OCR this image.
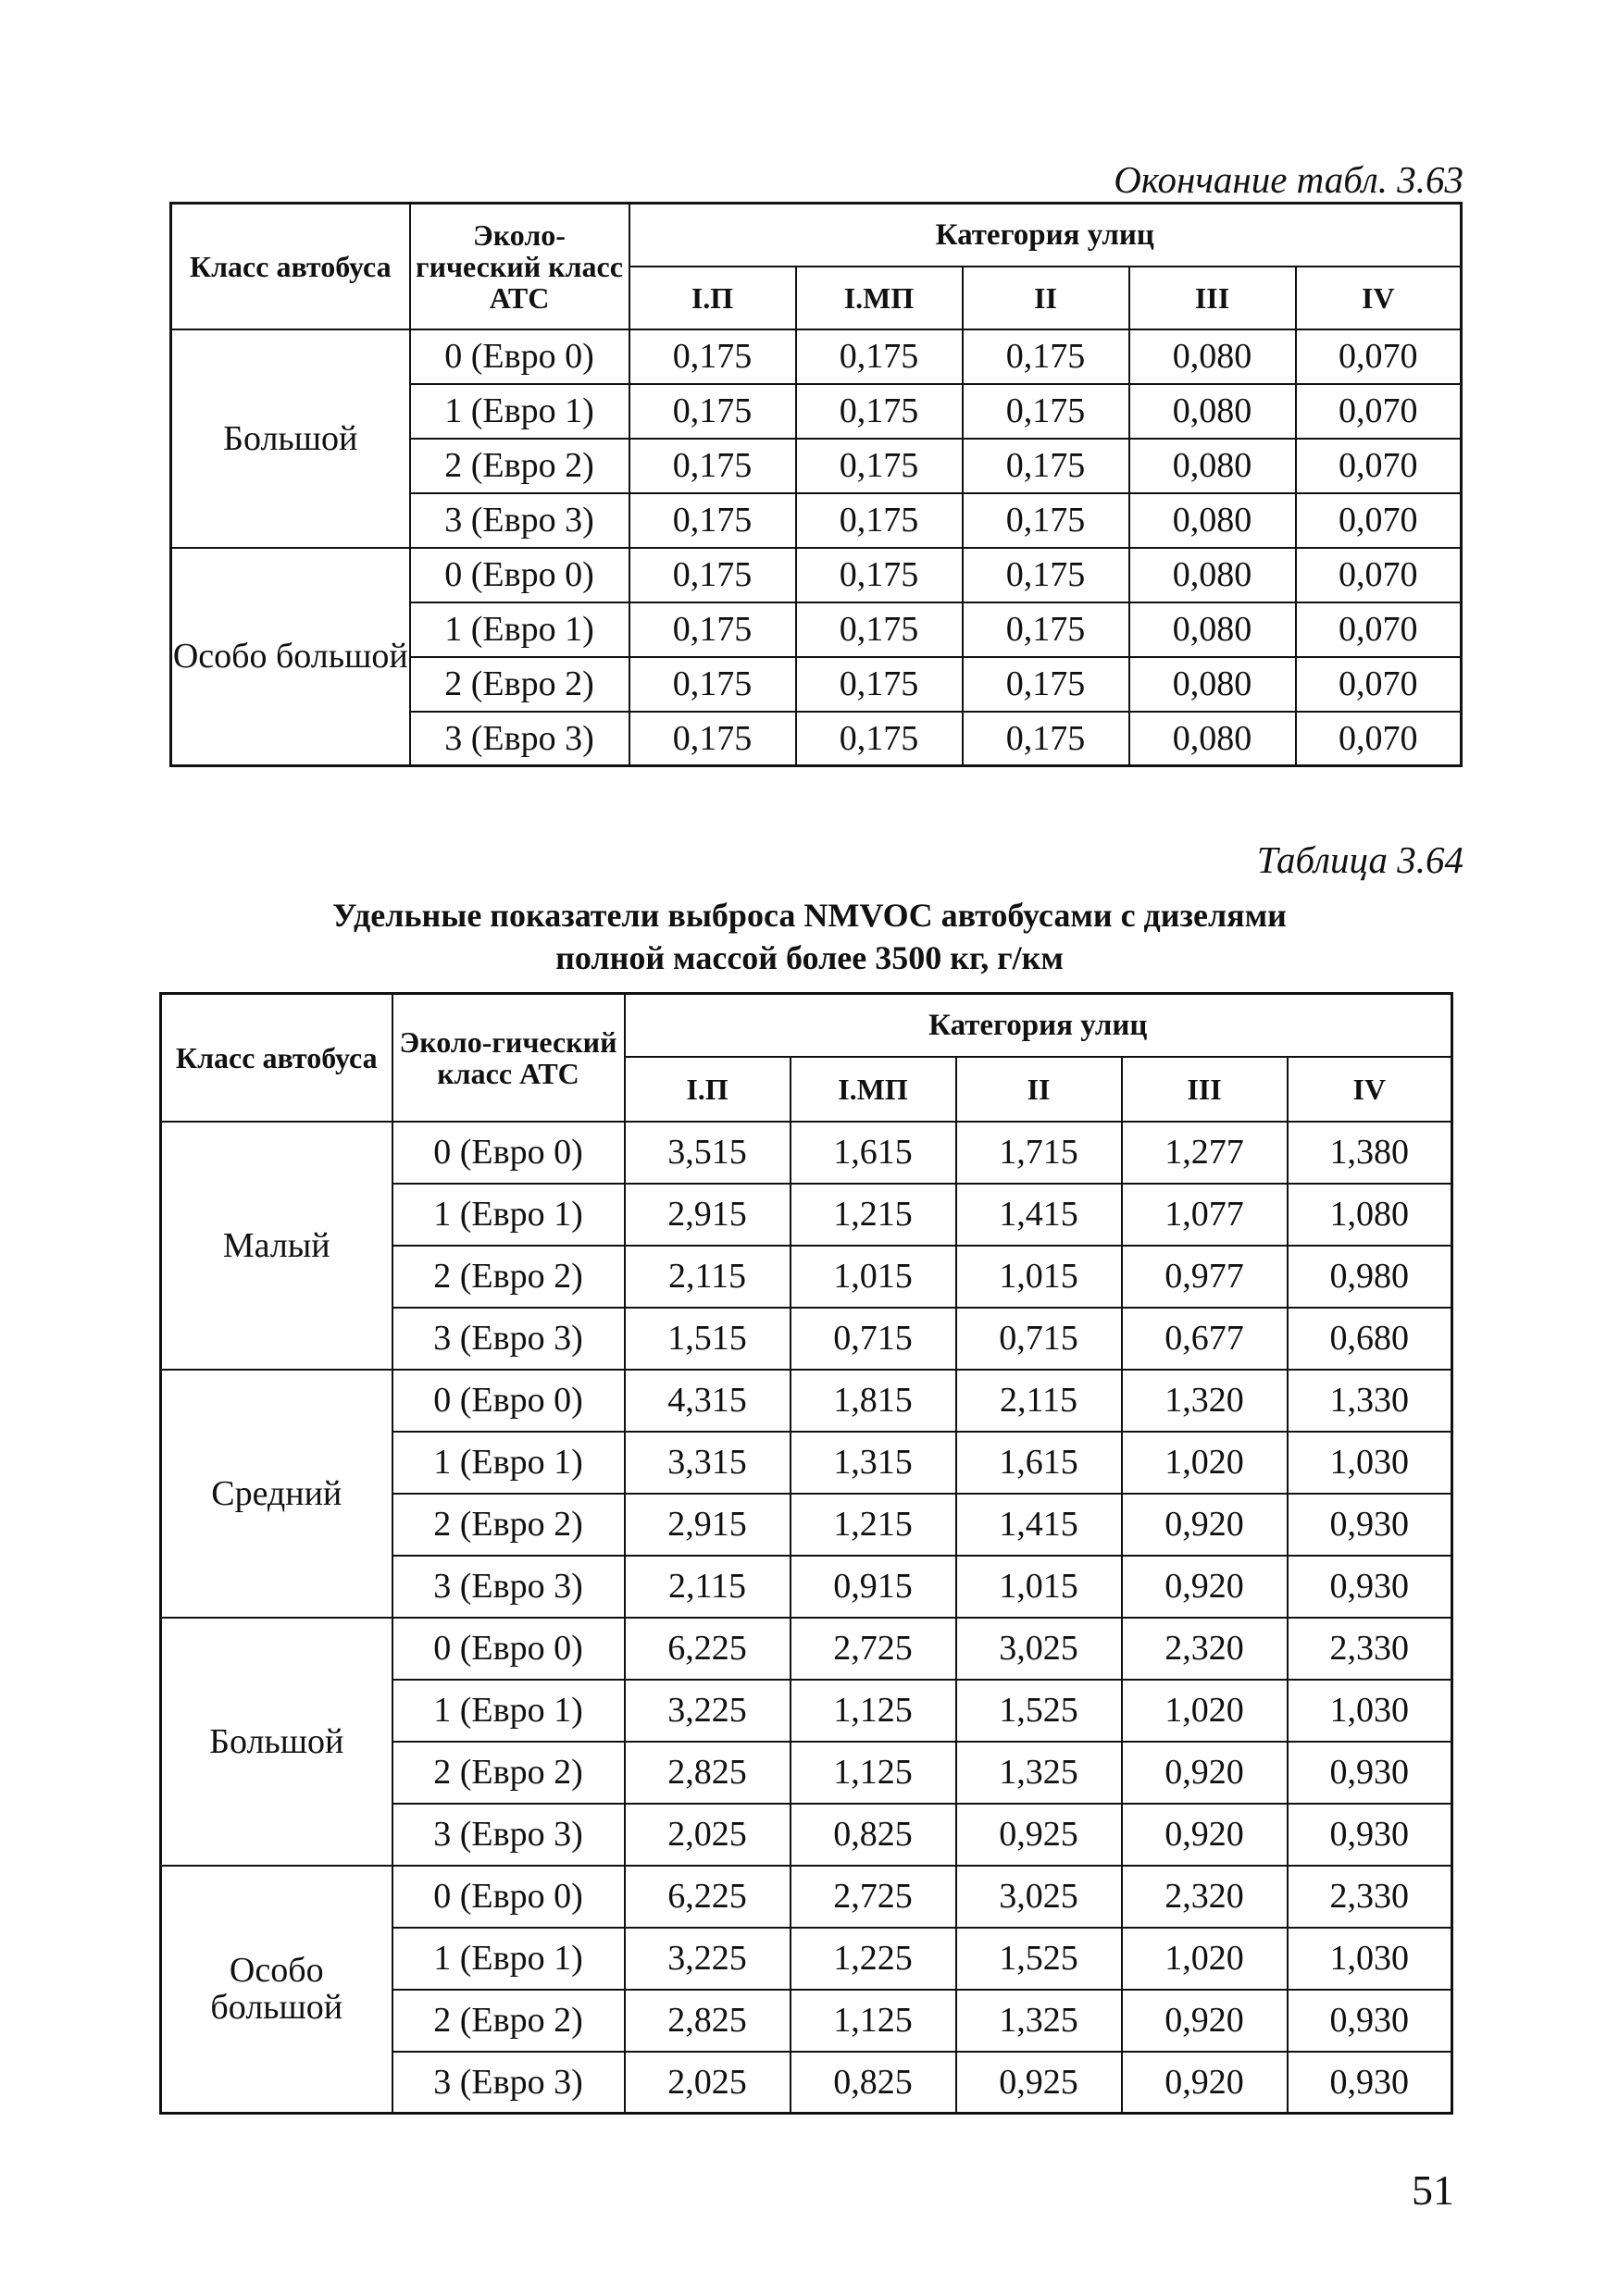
Окончание табл. 3.63
Класс автобуса	Эколо-гический класс АТС	Категория улиц				
		I.П	I.МП	II	III	IV
Большой	0 (Евро 0)	0,175	0,175	0,175	0,080	0,070
	1 (Евро 1)	0,175	0,175	0,175	0,080	0,070
	2 (Евро 2)	0,175	0,175	0,175	0,080	0,070
	3 (Евро 3)	0,175	0,175	0,175	0,080	0,070
Особо большой	0 (Евро 0)	0,175	0,175	0,175	0,080	0,070
	1 (Евро 1)	0,175	0,175	0,175	0,080	0,070
	2 (Евро 2)	0,175	0,175	0,175	0,080	0,070
	3 (Евро 3)	0,175	0,175	0,175	0,080	0,070
Таблица 3.64
Удельные показатели выброса NMVOC автобусами с дизелями
полной массой более 3500 кг, г/км
Класс автобуса	Эколо-гический класс АТС	Категория улиц				
		I.П	I.МП	II	III	IV
Малый	0 (Евро 0)	3,515	1,615	1,715	1,277	1,380
	1 (Евро 1)	2,915	1,215	1,415	1,077	1,080
	2 (Евро 2)	2,115	1,015	1,015	0,977	0,980
	3 (Евро 3)	1,515	0,715	0,715	0,677	0,680
Средний	0 (Евро 0)	4,315	1,815	2,115	1,320	1,330
	1 (Евро 1)	3,315	1,315	1,615	1,020	1,030
	2 (Евро 2)	2,915	1,215	1,415	0,920	0,930
	3 (Евро 3)	2,115	0,915	1,015	0,920	0,930
Большой	0 (Евро 0)	6,225	2,725	3,025	2,320	2,330
	1 (Евро 1)	3,225	1,125	1,525	1,020	1,030
	2 (Евро 2)	2,825	1,125	1,325	0,920	0,930
	3 (Евро 3)	2,025	0,825	0,925	0,920	0,930
Особо большой	0 (Евро 0)	6,225	2,725	3,025	2,320	2,330
	1 (Евро 1)	3,225	1,225	1,525	1,020	1,030
	2 (Евро 2)	2,825	1,125	1,325	0,920	0,930
	3 (Евро 3)	2,025	0,825	0,925	0,920	0,930
51
